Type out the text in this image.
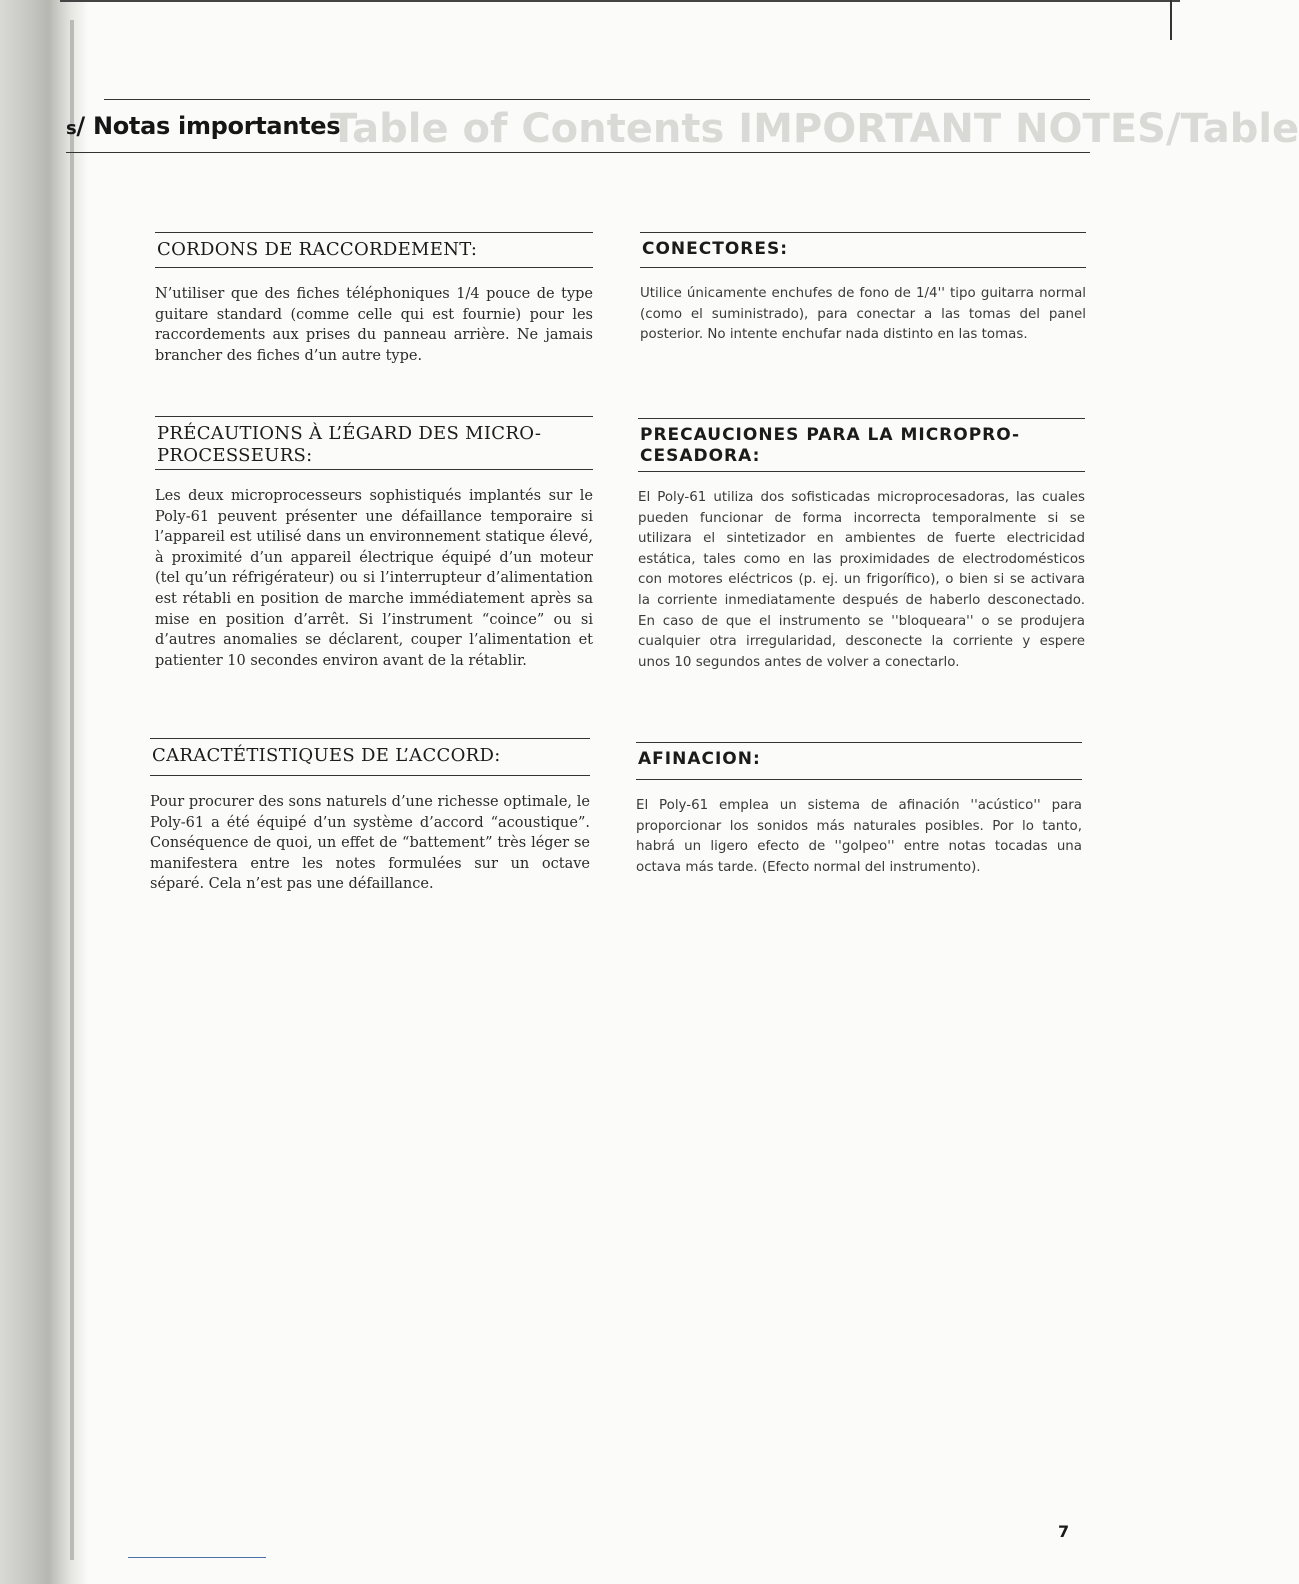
Table of Contents IMPORTANT NOTES/Table
s/ Notas importantes
CORDONS DE RACCORDEMENT:
N’utiliser que des fiches téléphoniques 1/4 pouce de type guitare standard (comme celle qui est fournie) pour les raccordements aux prises du panneau arrière. Ne jamais brancher des fiches d’un autre type.
PRÉCAUTIONS À L’ÉGARD DES MICRO-PROCESSEURS:
Les deux microprocesseurs sophistiqués implantés sur le Poly-61 peuvent présenter une défaillance temporaire si l’appareil est utilisé dans un environnement statique élevé, à proximité d’un appareil électrique équipé d’un moteur (tel qu’un réfrigérateur) ou si l’interrupteur d’alimentation est rétabli en position de marche immédiatement après sa mise en position d’arrêt. Si l’instrument “coince” ou si d’autres anomalies se déclarent, couper l’alimentation et patienter 10 secondes environ avant de la rétablir.
CARACTÉTISTIQUES DE L’ACCORD:
Pour procurer des sons naturels d’une richesse optimale, le Poly-61 a été équipé d’un système d’accord “acoustique”. Conséquence de quoi, un effet de “battement” très léger se manifestera entre les notes formulées sur un octave séparé. Cela n’est pas une défaillance.
CONECTORES:
Utilice únicamente enchufes de fono de 1/4'' tipo guitarra normal (como el suministrado), para conectar a las tomas del panel posterior. No intente enchufar nada distinto en las tomas.
PRECAUCIONES PARA LA MICROPRO-CESADORA:
El Poly-61 utiliza dos sofisticadas microprocesadoras, las cuales pueden funcionar de forma incorrecta temporalmente si se utilizara el sintetizador en ambientes de fuerte electricidad estática, tales como en las proximidades de electrodomésticos con motores eléctricos (p. ej. un frigorífico), o bien si se activara la corriente inmediatamente después de haberlo desconectado. En caso de que el instrumento se ''bloqueara'' o se produjera cualquier otra irregularidad, desconecte la corriente y espere unos 10 segundos antes de volver a conectarlo.
AFINACION:
El Poly-61 emplea un sistema de afinación ''acústico'' para proporcionar los sonidos más naturales posibles. Por lo tanto, habrá un ligero efecto de ''golpeo'' entre notas tocadas una octava más tarde. (Efecto normal del instrumento).
7
